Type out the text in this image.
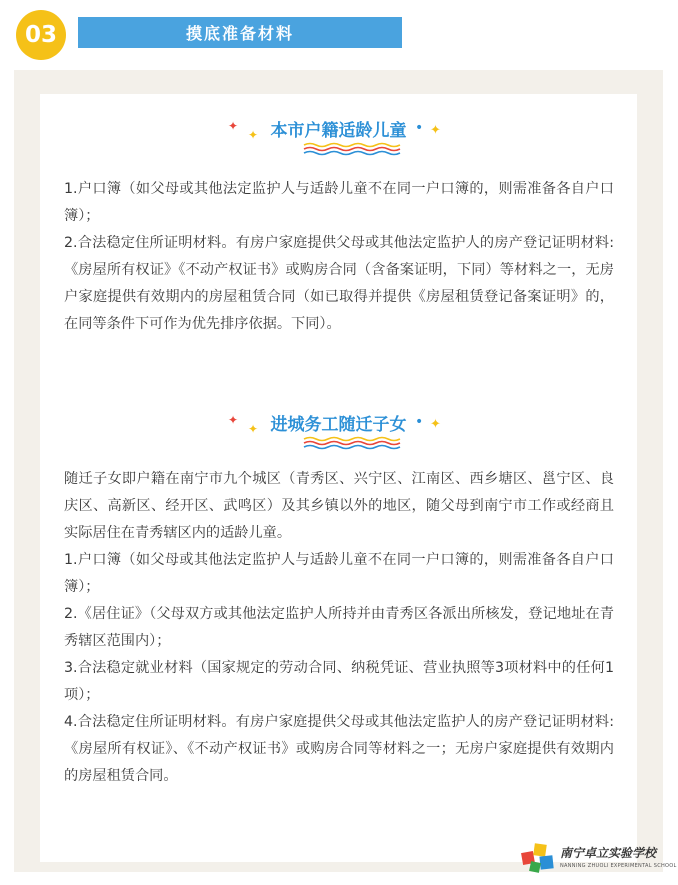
03	摸底准备材料
✦
✦ 本市户籍适龄儿童 • ✦

1.户口簿（如父母或其他法定监护人与适龄儿童不在同一户口簿的，则需准备各自户口簿）；

2.合法稳定住所证明材料。有房户家庭提供父母或其他法定监护人的房产登记证明材料:《房屋所有权证》《不动产权证书》或购房合同（含备案证明，下同）等材料之一，无房户家庭提供有效期内的房屋租赁合同（如已取得并提供《房屋租赁登记备案证明》的，在同等条件下可作为优先排序依据。下同）。

✦
✦ 进城务工随迁子女 • ✦

随迁子女即户籍在南宁市九个城区（青秀区、兴宁区、江南区、西乡塘区、邕宁区、良庆区、高新区、经开区、武鸣区）及其乡镇以外的地区，随父母到南宁市工作或经商且实际居住在青秀辖区内的适龄儿童。

1.户口簿（如父母或其他法定监护人与适龄儿童不在同一户口簿的，则需准备各自户口簿）；

2.《居住证》（父母双方或其他法定监护人所持并由青秀区各派出所核发，登记地址在青秀辖区范围内）；

3.合法稳定就业材料（国家规定的劳动合同、纳税凭证、营业执照等3项材料中的任何1项）；

4.合法稳定住所证明材料。有房户家庭提供父母或其他法定监护人的房产登记证明材料:《房屋所有权证》、《不动产权证书》或购房合同等材料之一；无房户家庭提供有效期内的房屋租赁合同。

南宁卓立实验学校
NANNING ZHUOLI EXPERIMENTAL SCHOOL
